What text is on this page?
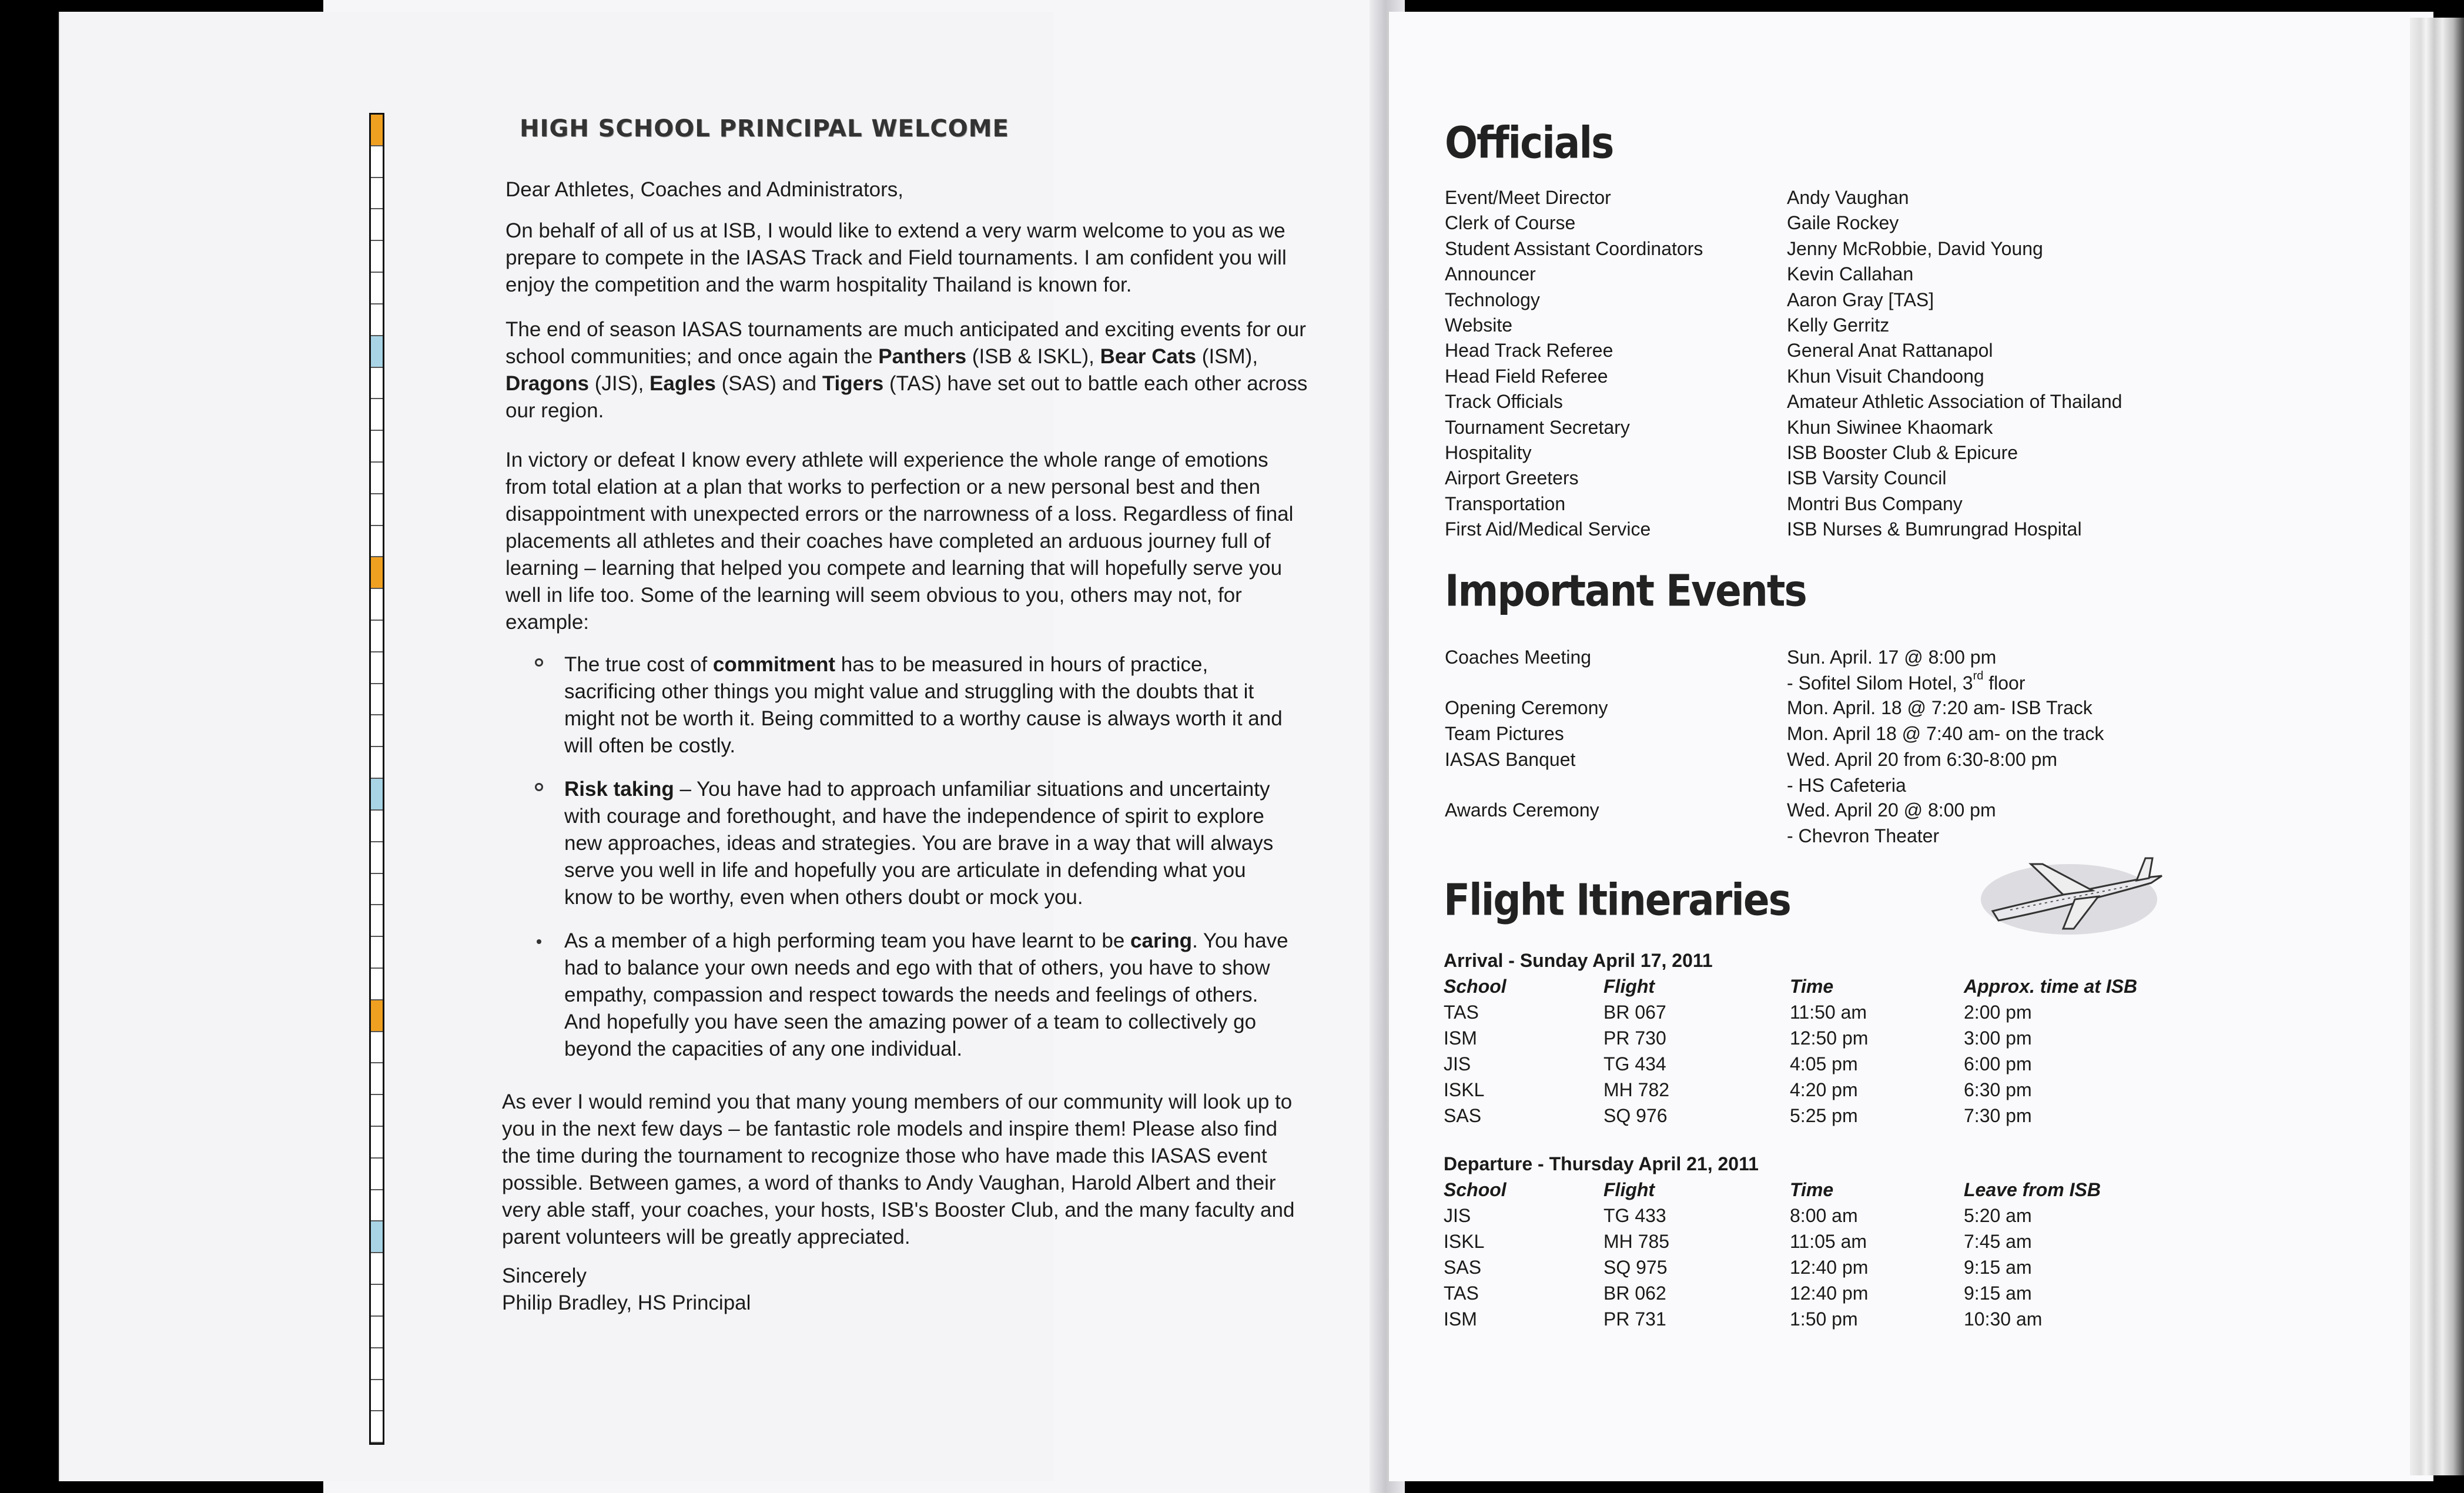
HIGH SCHOOL PRINCIPAL WELCOME

Dear Athletes, Coaches and Administrators,

On behalf of all of us at ISB, I would like to extend a very warm welcome to you as we prepare to compete in the IASAS Track and Field tournaments. I am confident you will enjoy the competition and the warm hospitality Thailand is known for.

The end of season IASAS tournaments are much anticipated and exciting events for our school communities; and once again the Panthers (ISB & ISKL), Bear Cats (ISM), Dragons (JIS), Eagles (SAS) and Tigers (TAS) have set out to battle each other across our region.

In victory or defeat I know every athlete will experience the whole range of emotions from total elation at a plan that works to perfection or a new personal best and then disappointment with unexpected errors or the narrowness of a loss. Regardless of final placements all athletes and their coaches have completed an arduous journey full of learning – learning that helped you compete and learning that will hopefully serve you well in life too. Some of the learning will seem obvious to you, others may not, for example:

The true cost of commitment has to be measured in hours of practice, sacrificing other things you might value and struggling with the doubts that it might not be worth it. Being committed to a worthy cause is always worth it and will often be costly.
Risk taking – You have had to approach unfamiliar situations and uncertainty with courage and forethought, and have the independence of spirit to explore new approaches, ideas and strategies. You are brave in a way that will always serve you well in life and hopefully you are articulate in defending what you know to be worthy, even when others doubt or mock you.
As a member of a high performing team you have learnt to be caring. You have had to balance your own needs and ego with that of others, you have to show empathy, compassion and respect towards the needs and feelings of others. And hopefully you have seen the amazing power of a team to collectively go beyond the capacities of any one individual.

As ever I would remind you that many young members of our community will look up to you in the next few days – be fantastic role models and inspire them! Please also find the time during the tournament to recognize those who have made this IASAS event possible. Between games, a word of thanks to Andy Vaughan, Harold Albert and their very able staff, your coaches, your hosts, ISB's Booster Club, and the many faculty and parent volunteers will be greatly appreciated.

Sincerely

Philip Bradley, HS Principal

Officials
Event/Meet Director	Andy Vaughan
Clerk of Course	Gaile Rockey
Student Assistant Coordinators	Jenny McRobbie, David Young
Announcer	Kevin Callahan
Technology	Aaron Gray [TAS]
Website	Kelly Gerritz
Head Track Referee	General Anat Rattanapol
Head Field Referee	Khun Visuit Chandoong
Track Officials	Amateur Athletic Association of Thailand
Tournament Secretary	Khun Siwinee Khaomark
Hospitality	ISB Booster Club & Epicure
Airport Greeters	ISB Varsity Council
Transportation	Montri Bus Company
First Aid/Medical Service	ISB Nurses & Bumrungrad Hospital
Important Events
Coaches Meeting	Sun. April. 17 @ 8:00 pm
- Sofitel Silom Hotel, 3rd floor
Opening Ceremony	Mon. April. 18 @ 7:20 am- ISB Track
Team Pictures	Mon. April 18 @ 7:40 am- on the track
IASAS Banquet	Wed. April 20 from 6:30-8:00 pm
- HS Cafeteria
Awards Ceremony	Wed. April 20 @ 8:00 pm
- Chevron Theater
Flight Itineraries
Arrival - Sunday April 17, 2011
School	Flight	Time	Approx. time at ISB
TAS	BR 067	11:50 am	2:00 pm
ISM	PR 730	12:50 pm	3:00 pm
JIS	TG 434	4:05 pm	6:00 pm
ISKL	MH 782	4:20 pm	6:30 pm
SAS	SQ 976	5:25 pm	7:30 pm
Departure - Thursday April 21, 2011
School	Flight	Time	Leave from ISB
JIS	TG 433	8:00 am	5:20 am
ISKL	MH 785	11:05 am	7:45 am
SAS	SQ 975	12:40 pm	9:15 am
TAS	BR 062	12:40 pm	9:15 am
ISM	PR 731	1:50 pm	10:30 am
